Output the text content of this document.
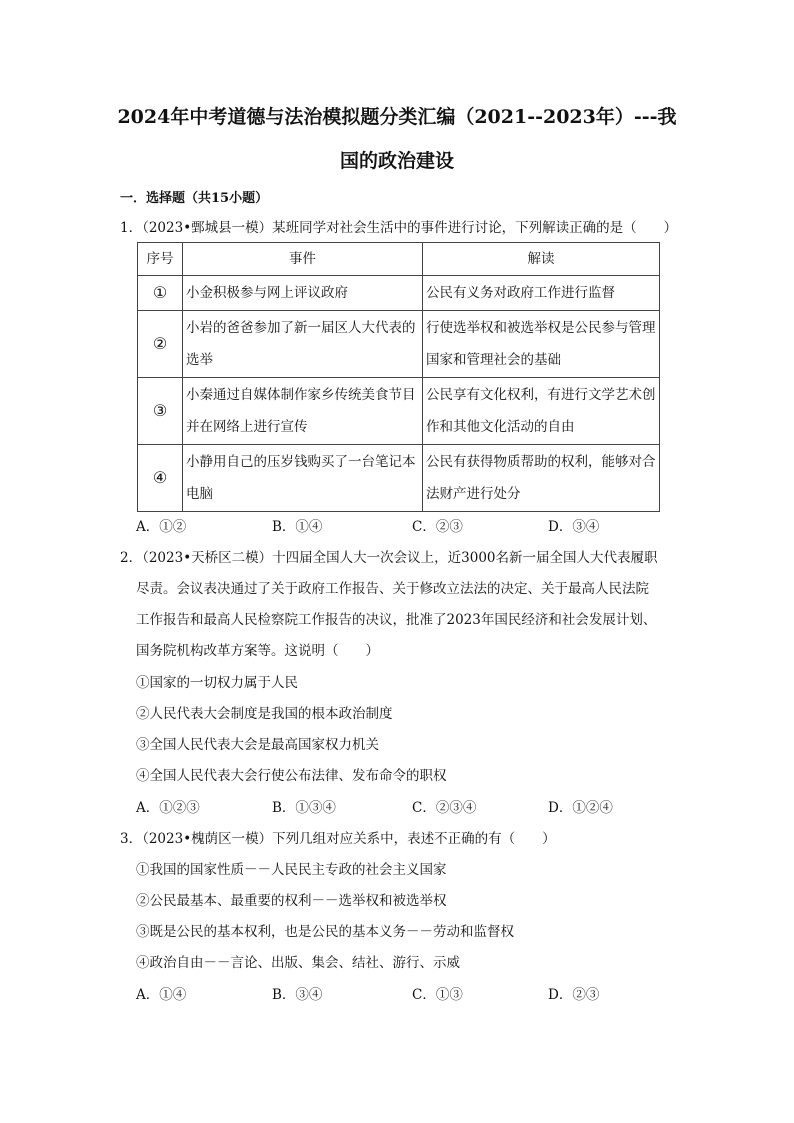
2024年中考道德与法治模拟题分类汇编（2021--2023年）---我
国的政治建设
一．选择题（共15小题）
1．（2023•鄄城县一模）某班同学对社会生活中的事件进行讨论，下列解读正确的是（　　）
序号	事件	解读
①	小金积极参与网上评议政府	公民有义务对政府工作进行监督

②	小岩的爸爸参加了新一届区人大代表的选举	行使选举权和被选举权是公民参与管理国家和管理社会的基础

③	小秦通过自媒体制作家乡传统美食节目并在网络上进行宣传	公民享有文化权利，有进行文学艺术创作和其他文化活动的自由

④	小静用自己的压岁钱购买了一台笔记本电脑	公民有获得物质帮助的权利，能够对合法财产进行处分
A．①②	B．①④	C．②③	D．③④
2．（2023•天桥区二模）十四届全国人大一次会议上，近3000名新一届全国人大代表履职
尽责。会议表决通过了关于政府工作报告、关于修改立法法的决定、关于最高人民法院
工作报告和最高人民检察院工作报告的决议，批准了2023年国民经济和社会发展计划、
国务院机构改革方案等。这说明（　　）
①国家的一切权力属于人民
②人民代表大会制度是我国的根本政治制度
③全国人民代表大会是最高国家权力机关
④全国人民代表大会行使公布法律、发布命令的职权
A．①②③	B．①③④	C．②③④	D．①②④
3．（2023•槐荫区一模）下列几组对应关系中，表述不正确的有（　　）
①我国的国家性质－－人民民主专政的社会主义国家
②公民最基本、最重要的权利－－选举权和被选举权
③既是公民的基本权利，也是公民的基本义务－－劳动和监督权
④政治自由－－言论、出版、集会、结社、游行、示威
A．①④	B．③④	C．①③	D．②③
